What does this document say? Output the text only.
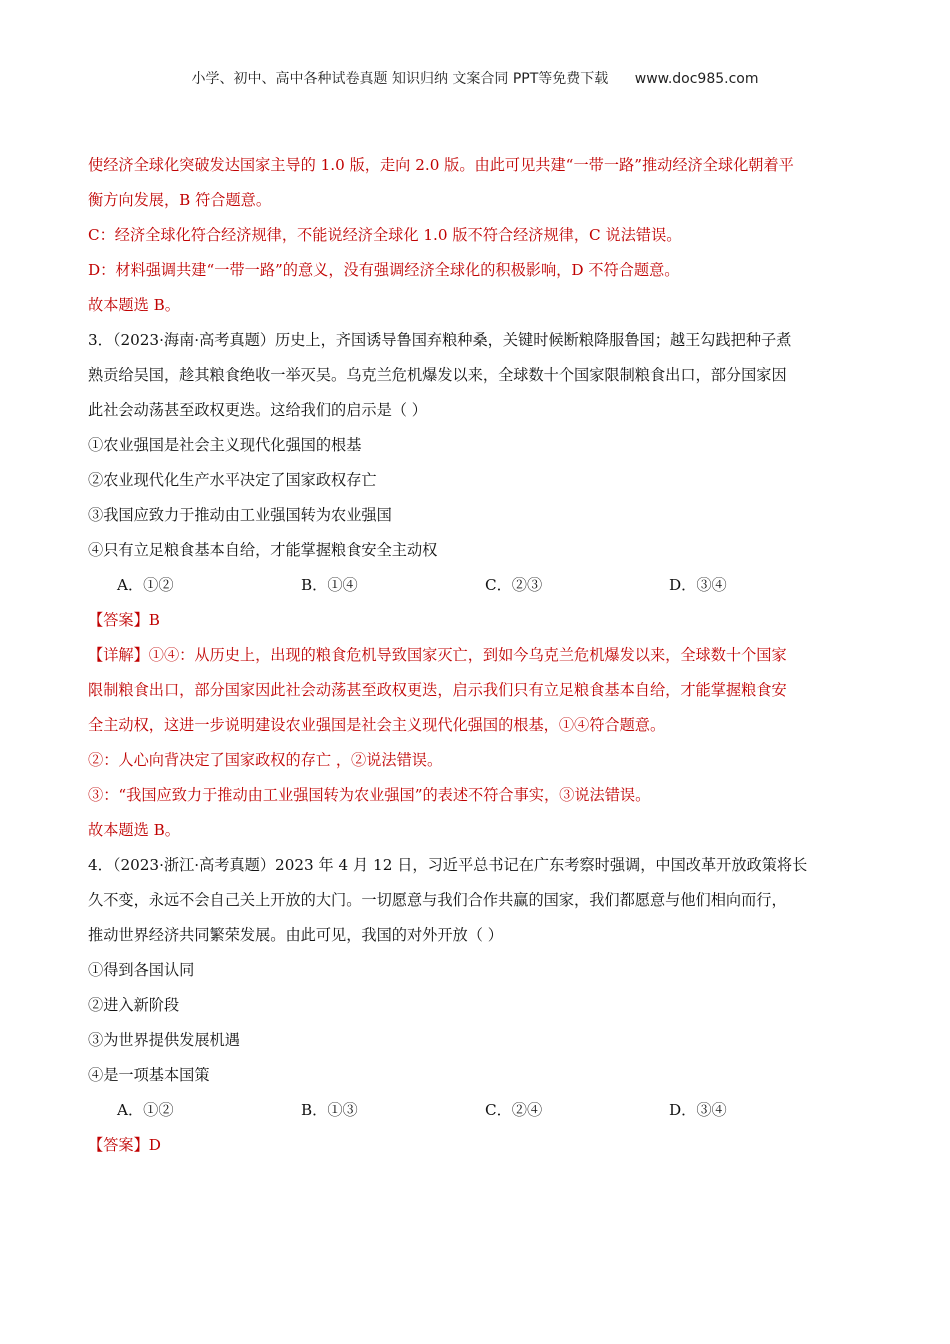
小学、初中、高中各种试卷真题 知识归纳 文案合同 PPT等免费下载 www.doc985.com

使经济全球化突破发达国家主导的 1.0 版，走向 2.0 版。由此可见共建“一带一路”推动经济全球化朝着平

衡方向发展，B 符合题意。

C：经济全球化符合经济规律，不能说经济全球化 1.0 版不符合经济规律，C 说法错误。

D：材料强调共建“一带一路”的意义，没有强调经济全球化的积极影响，D 不符合题意。

故本题选 B。

3．（2023·海南·高考真题）历史上，齐国诱导鲁国弃粮种桑，关键时候断粮降服鲁国；越王勾践把种子煮

熟贡给吴国，趁其粮食绝收一举灭吴。乌克兰危机爆发以来，全球数十个国家限制粮食出口，部分国家因

此社会动荡甚至政权更迭。这给我们的启示是（ ）

①农业强国是社会主义现代化强国的根基

②农业现代化生产水平决定了国家政权存亡

③我国应致力于推动由工业强国转为农业强国

④只有立足粮食基本自给，才能掌握粮食安全主动权

A．①②	B．①④	C．②③	D．③④

【答案】B

【详解】①④：从历史上，出现的粮食危机导致国家灭亡，到如今乌克兰危机爆发以来，全球数十个国家

限制粮食出口，部分国家因此社会动荡甚至政权更迭，启示我们只有立足粮食基本自给，才能掌握粮食安

全主动权，这进一步说明建设农业强国是社会主义现代化强国的根基，①④符合题意。

②：人心向背决定了国家政权的存亡 ，②说法错误。

③：“我国应致力于推动由工业强国转为农业强国”的表述不符合事实，③说法错误。

故本题选 B。

4．（2023·浙江·高考真题）2023 年 4 月 12 日，习近平总书记在广东考察时强调，中国改革开放政策将长

久不变，永远不会自己关上开放的大门。一切愿意与我们合作共赢的国家，我们都愿意与他们相向而行，

推动世界经济共同繁荣发展。由此可见，我国的对外开放（ ）

①得到各国认同

②进入新阶段

③为世界提供发展机遇

④是一项基本国策

A．①②	B．①③	C．②④	D．③④

【答案】D
